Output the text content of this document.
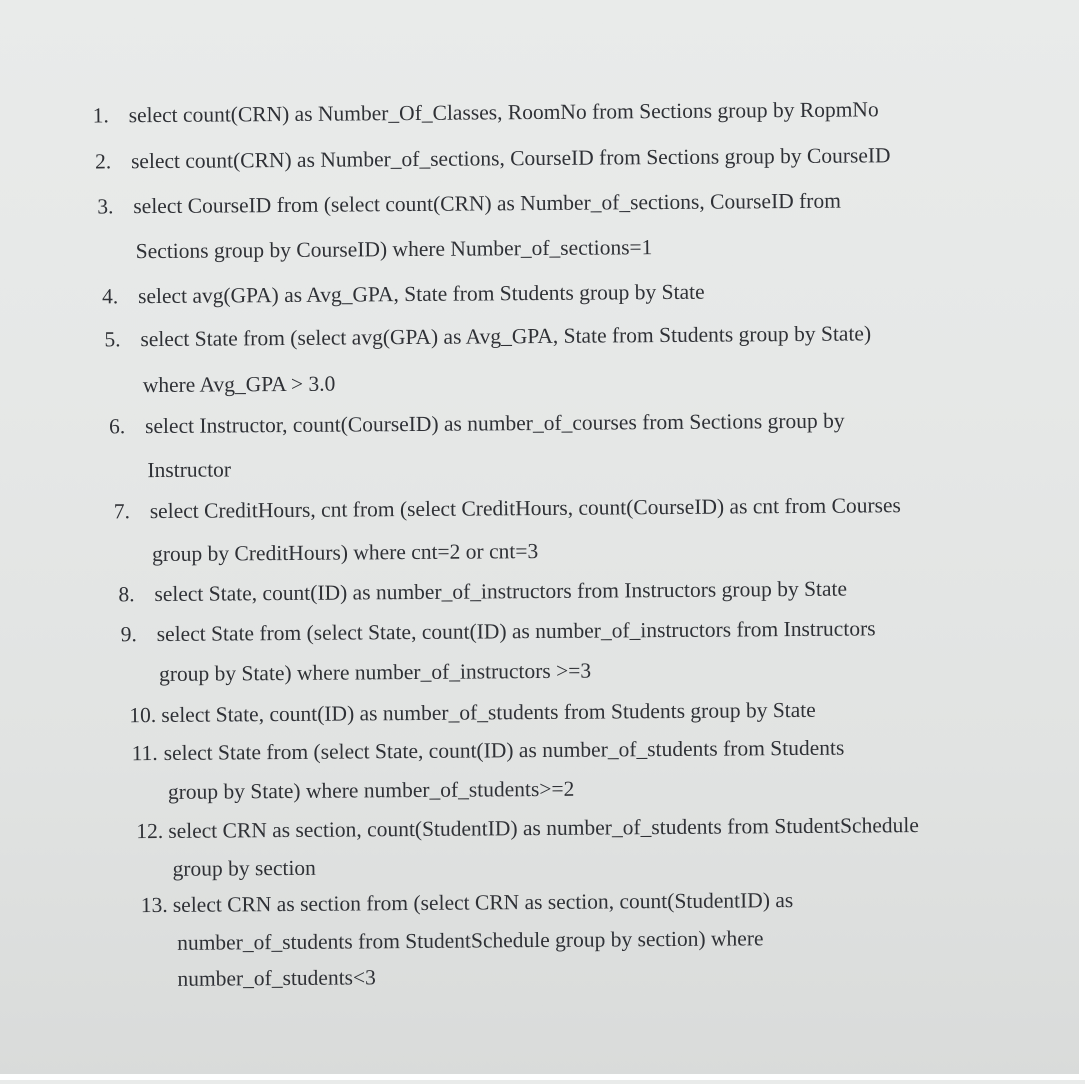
1. select count(CRN) as Number_Of_Classes, RoomNo from Sections group by RopmNo
2. select count(CRN) as Number_of_sections, CourseID from Sections group by CourseID
3. select CourseID from (select count(CRN) as Number_of_sections, CourseID from
Sections group by CourseID) where Number_of_sections=1
4. select avg(GPA) as Avg_GPA, State from Students group by State
5. select State from (select avg(GPA) as Avg_GPA, State from Students group by State)
where Avg_GPA > 3.0
6. select Instructor, count(CourseID) as number_of_courses from Sections group by
Instructor
7. select CreditHours, cnt from (select CreditHours, count(CourseID) as cnt from Courses
group by CreditHours) where cnt=2 or cnt=3
8. select State, count(ID) as number_of_instructors from Instructors group by State
9. select State from (select State, count(ID) as number_of_instructors from Instructors
group by State) where number_of_instructors >=3
10. select State, count(ID) as number_of_students from Students group by State
11. select State from (select State, count(ID) as number_of_students from Students
group by State) where number_of_students>=2
12. select CRN as section, count(StudentID) as number_of_students from StudentSchedule
group by section
13. select CRN as section from (select CRN as section, count(StudentID) as
number_of_students from StudentSchedule group by section) where
number_of_students<3
